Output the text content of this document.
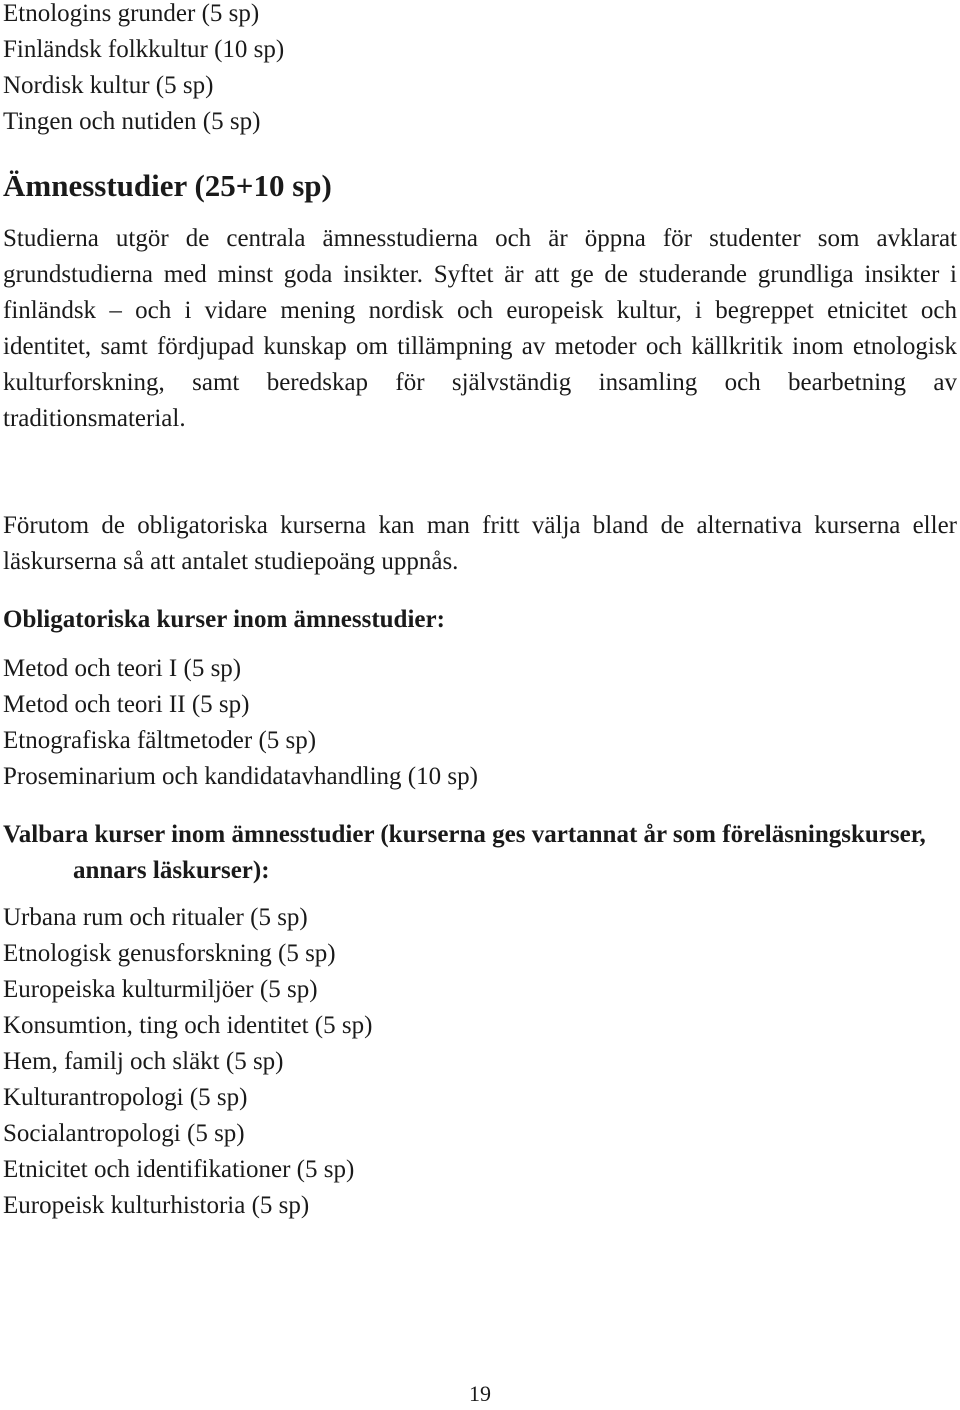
Etnologins grunder (5 sp)
Finländsk folkkultur (10 sp)
Nordisk kultur (5 sp)
Tingen och nutiden (5 sp)
Ämnesstudier (25+10 sp)

Studierna utgör de centrala ämnesstudierna och är öppna för studenter som avklarat grundstudierna med minst goda insikter. Syftet är att ge de studerande grundliga insikter i finländsk – och i vidare mening nordisk och europeisk kultur, i begreppet etnicitet och identitet, samt fördjupad kunskap om tillämpning av metoder och källkritik inom etnologisk kulturforskning, samt beredskap för självständig insamling och bearbetning av traditionsmaterial.

Förutom de obligatoriska kurserna kan man fritt välja bland de alternativa kurserna eller läskurserna så att antalet studiepoäng uppnås.

Obligatoriska kurser inom ämnesstudier:

Metod och teori I (5 sp)
Metod och teori II (5 sp)
Etnografiska fältmetoder (5 sp)
Proseminarium och kandidatavhandling (10 sp)

Valbara kurser inom ämnesstudier (kurserna ges vartannat år som föreläsningskurser, annars läskurser):

Urbana rum och ritualer (5 sp)
Etnologisk genusforskning (5 sp)
Europeiska kulturmiljöer (5 sp)
Konsumtion, ting och identitet (5 sp)
Hem, familj och släkt (5 sp)
Kulturantropologi (5 sp)
Socialantropologi (5 sp)
Etnicitet och identifikationer (5 sp)
Europeisk kulturhistoria (5 sp)
19
